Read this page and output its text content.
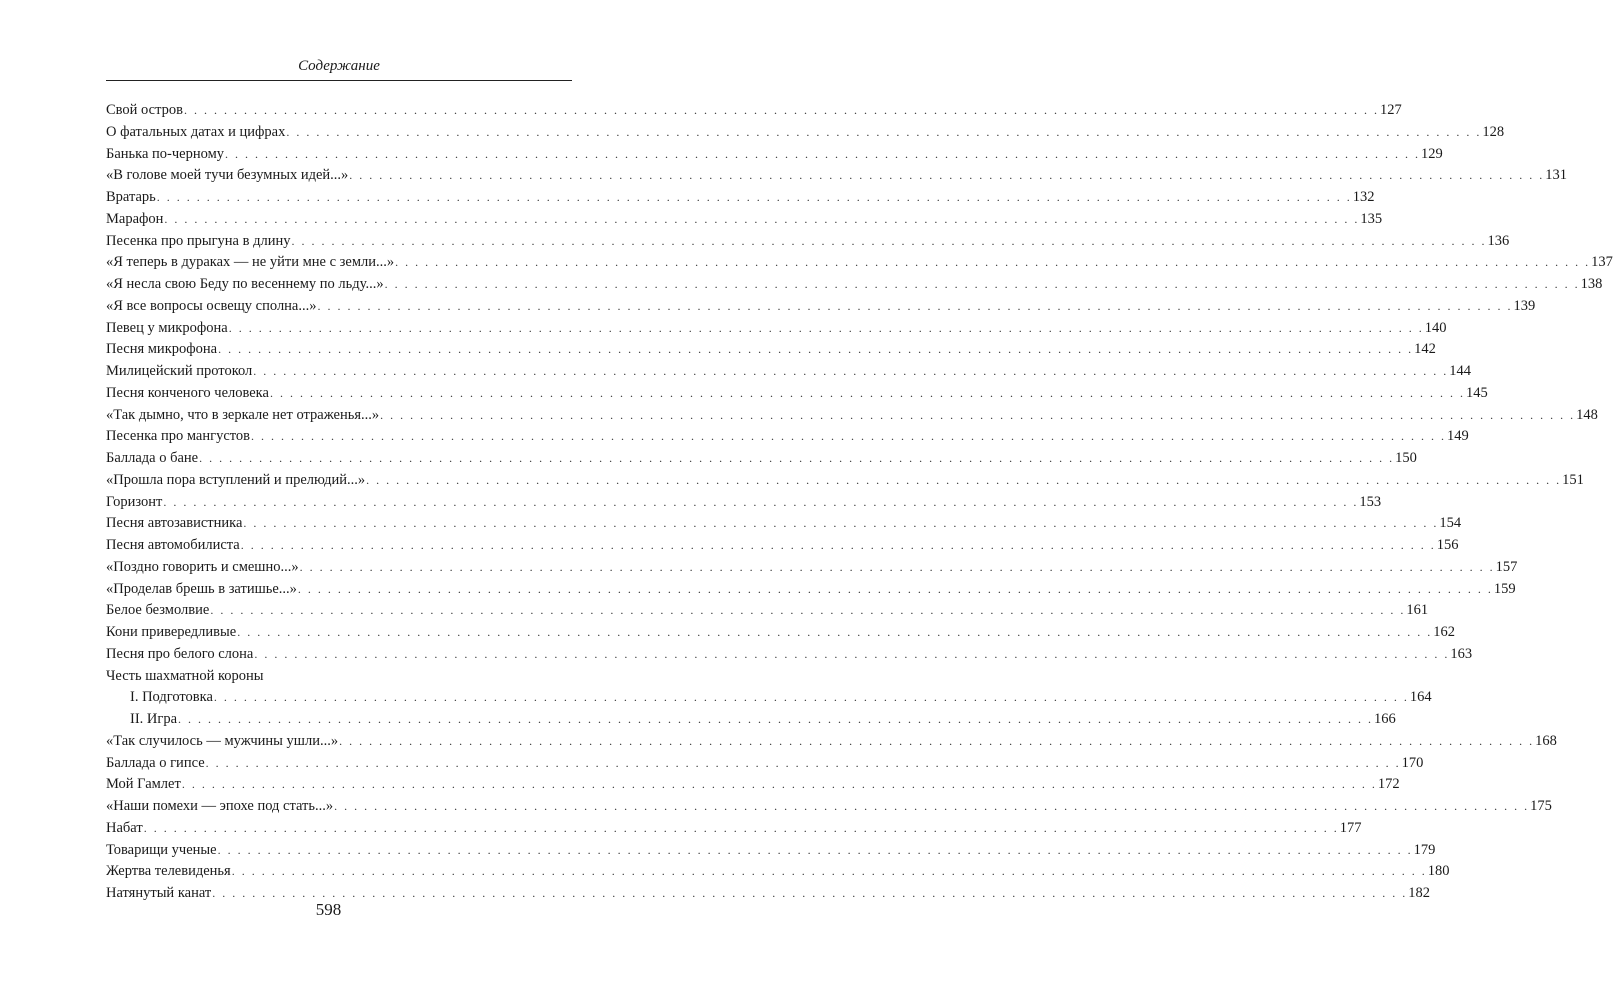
Содержание
Свой остров . . . . . . . . . . . . . . . . . . . . . . . . . . . . . . . . . . . . . . . . . . . . . . . . . . . . . . . . . . . . . . . . . . . . . . . . . . . . . . . . . . . . . . . . . . . . . . . . . . . . . . . . . . . . . . . . . . . . . . . . 127
О фатальных датах и цифрах . . . . . . . . . . . . . . . . . . . . . . . . . . . . . . . . . . . . . . . . . . . . . . . . . . . . . . . . . . . . . . . . . . . . . . . . . . . . . . . . . . . . . . . . . . . . . . . . . . . . . . . . . . . . . . . . . . . . . . . . 128
Банька по-черному . . . . . . . . . . . . . . . . . . . . . . . . . . . . . . . . . . . . . . . . . . . . . . . . . . . . . . . . . . . . . . . . . . . . . . . . . . . . . . . . . . . . . . . . . . . . . . . . . . . . . . . . . . . . . . . . . . . . . . . . 129
«В голове моей тучи безумных идей...» . . . . . . . . . . . . . . . . . . . . . . . . . . . . . . . . . . . . . . . . . . . . . . . . . . . . . . . . . . . . . . . . . . . . . . . . . . . . . . . . . . . . . . . . . . . . . . . . . . . . . . . . . . . . . . . . . . . . . . . . 131
Вратарь . . . . . . . . . . . . . . . . . . . . . . . . . . . . . . . . . . . . . . . . . . . . . . . . . . . . . . . . . . . . . . . . . . . . . . . . . . . . . . . . . . . . . . . . . . . . . . . . . . . . . . . . . . . . . . . . . . . . . . . . 132
Марафон . . . . . . . . . . . . . . . . . . . . . . . . . . . . . . . . . . . . . . . . . . . . . . . . . . . . . . . . . . . . . . . . . . . . . . . . . . . . . . . . . . . . . . . . . . . . . . . . . . . . . . . . . . . . . . . . . . . . . . . . 135
Песенка про прыгуна в длину . . . . . . . . . . . . . . . . . . . . . . . . . . . . . . . . . . . . . . . . . . . . . . . . . . . . . . . . . . . . . . . . . . . . . . . . . . . . . . . . . . . . . . . . . . . . . . . . . . . . . . . . . . . . . . . . . . . . . . . . 136
«Я теперь в дураках — не уйти мне с земли...» . . . . . . . . . . . . . . . . . . . . . . . . . . . . . . . . . . . . . . . . . . . . . . . . . . . . . . . . . . . . . . . . . . . . . . . . . . . . . . . . . . . . . . . . . . . . . . . . . . . . . . . . . . . . . . . . . . . . . . . . 137
«Я несла свою Беду по весеннему по льду...» . . . . . . . . . . . . . . . . . . . . . . . . . . . . . . . . . . . . . . . . . . . . . . . . . . . . . . . . . . . . . . . . . . . . . . . . . . . . . . . . . . . . . . . . . . . . . . . . . . . . . . . . . . . . . . . . . . . . . . . . 138
«Я все вопросы освещу сполна...» . . . . . . . . . . . . . . . . . . . . . . . . . . . . . . . . . . . . . . . . . . . . . . . . . . . . . . . . . . . . . . . . . . . . . . . . . . . . . . . . . . . . . . . . . . . . . . . . . . . . . . . . . . . . . . . . . . . . . . . . 139
Певец у микрофона . . . . . . . . . . . . . . . . . . . . . . . . . . . . . . . . . . . . . . . . . . . . . . . . . . . . . . . . . . . . . . . . . . . . . . . . . . . . . . . . . . . . . . . . . . . . . . . . . . . . . . . . . . . . . . . . . . . . . . . . 140
Песня микрофона . . . . . . . . . . . . . . . . . . . . . . . . . . . . . . . . . . . . . . . . . . . . . . . . . . . . . . . . . . . . . . . . . . . . . . . . . . . . . . . . . . . . . . . . . . . . . . . . . . . . . . . . . . . . . . . . . . . . . . . . 142
Милицейский протокол . . . . . . . . . . . . . . . . . . . . . . . . . . . . . . . . . . . . . . . . . . . . . . . . . . . . . . . . . . . . . . . . . . . . . . . . . . . . . . . . . . . . . . . . . . . . . . . . . . . . . . . . . . . . . . . . . . . . . . . . 144
Песня конченого человека . . . . . . . . . . . . . . . . . . . . . . . . . . . . . . . . . . . . . . . . . . . . . . . . . . . . . . . . . . . . . . . . . . . . . . . . . . . . . . . . . . . . . . . . . . . . . . . . . . . . . . . . . . . . . . . . . . . . . . . . 145
«Так дымно, что в зеркале нет отраженья...» . . . . . . . . . . . . . . . . . . . . . . . . . . . . . . . . . . . . . . . . . . . . . . . . . . . . . . . . . . . . . . . . . . . . . . . . . . . . . . . . . . . . . . . . . . . . . . . . . . . . . . . . . . . . . . . . . . . . . . . . 148
Песенка про мангустов . . . . . . . . . . . . . . . . . . . . . . . . . . . . . . . . . . . . . . . . . . . . . . . . . . . . . . . . . . . . . . . . . . . . . . . . . . . . . . . . . . . . . . . . . . . . . . . . . . . . . . . . . . . . . . . . . . . . . . . . 149
Баллада о бане . . . . . . . . . . . . . . . . . . . . . . . . . . . . . . . . . . . . . . . . . . . . . . . . . . . . . . . . . . . . . . . . . . . . . . . . . . . . . . . . . . . . . . . . . . . . . . . . . . . . . . . . . . . . . . . . . . . . . . . . 150
«Прошла пора вступлений и прелюдий...» . . . . . . . . . . . . . . . . . . . . . . . . . . . . . . . . . . . . . . . . . . . . . . . . . . . . . . . . . . . . . . . . . . . . . . . . . . . . . . . . . . . . . . . . . . . . . . . . . . . . . . . . . . . . . . . . . . . . . . . . 151
Горизонт . . . . . . . . . . . . . . . . . . . . . . . . . . . . . . . . . . . . . . . . . . . . . . . . . . . . . . . . . . . . . . . . . . . . . . . . . . . . . . . . . . . . . . . . . . . . . . . . . . . . . . . . . . . . . . . . . . . . . . . . 153
Песня автозавистника . . . . . . . . . . . . . . . . . . . . . . . . . . . . . . . . . . . . . . . . . . . . . . . . . . . . . . . . . . . . . . . . . . . . . . . . . . . . . . . . . . . . . . . . . . . . . . . . . . . . . . . . . . . . . . . . . . . . . . . . 154
Песня автомобилиста . . . . . . . . . . . . . . . . . . . . . . . . . . . . . . . . . . . . . . . . . . . . . . . . . . . . . . . . . . . . . . . . . . . . . . . . . . . . . . . . . . . . . . . . . . . . . . . . . . . . . . . . . . . . . . . . . . . . . . . . 156
«Поздно говорить и смешно...» . . . . . . . . . . . . . . . . . . . . . . . . . . . . . . . . . . . . . . . . . . . . . . . . . . . . . . . . . . . . . . . . . . . . . . . . . . . . . . . . . . . . . . . . . . . . . . . . . . . . . . . . . . . . . . . . . . . . . . . . 157
«Проделав брешь в затишье...» . . . . . . . . . . . . . . . . . . . . . . . . . . . . . . . . . . . . . . . . . . . . . . . . . . . . . . . . . . . . . . . . . . . . . . . . . . . . . . . . . . . . . . . . . . . . . . . . . . . . . . . . . . . . . . . . . . . . . . . . 159
Белое безмолвие . . . . . . . . . . . . . . . . . . . . . . . . . . . . . . . . . . . . . . . . . . . . . . . . . . . . . . . . . . . . . . . . . . . . . . . . . . . . . . . . . . . . . . . . . . . . . . . . . . . . . . . . . . . . . . . . . . . . . . . . 161
Кони привередливые . . . . . . . . . . . . . . . . . . . . . . . . . . . . . . . . . . . . . . . . . . . . . . . . . . . . . . . . . . . . . . . . . . . . . . . . . . . . . . . . . . . . . . . . . . . . . . . . . . . . . . . . . . . . . . . . . . . . . . . . 162
Песня про белого слона . . . . . . . . . . . . . . . . . . . . . . . . . . . . . . . . . . . . . . . . . . . . . . . . . . . . . . . . . . . . . . . . . . . . . . . . . . . . . . . . . . . . . . . . . . . . . . . . . . . . . . . . . . . . . . . . . . . . . . . . 163
Честь шахматной короны
I. Подготовка . . . . . . . . . . . . . . . . . . . . . . . . . . . . . . . . . . . . . . . . . . . . . . . . . . . . . . . . . . . . . . . . . . . . . . . . . . . . . . . . . . . . . . . . . . . . . . . . . . . . . . . . . . . . . . . . . . . . . . . . 164
II. Игра . . . . . . . . . . . . . . . . . . . . . . . . . . . . . . . . . . . . . . . . . . . . . . . . . . . . . . . . . . . . . . . . . . . . . . . . . . . . . . . . . . . . . . . . . . . . . . . . . . . . . . . . . . . . . . . . . . . . . . . . 166
«Так случилось — мужчины ушли...» . . . . . . . . . . . . . . . . . . . . . . . . . . . . . . . . . . . . . . . . . . . . . . . . . . . . . . . . . . . . . . . . . . . . . . . . . . . . . . . . . . . . . . . . . . . . . . . . . . . . . . . . . . . . . . . . . . . . . . . . 168
Баллада о гипсе . . . . . . . . . . . . . . . . . . . . . . . . . . . . . . . . . . . . . . . . . . . . . . . . . . . . . . . . . . . . . . . . . . . . . . . . . . . . . . . . . . . . . . . . . . . . . . . . . . . . . . . . . . . . . . . . . . . . . . . . 170
Мой Гамлет . . . . . . . . . . . . . . . . . . . . . . . . . . . . . . . . . . . . . . . . . . . . . . . . . . . . . . . . . . . . . . . . . . . . . . . . . . . . . . . . . . . . . . . . . . . . . . . . . . . . . . . . . . . . . . . . . . . . . . . . 172
«Наши помехи — эпохе под стать...» . . . . . . . . . . . . . . . . . . . . . . . . . . . . . . . . . . . . . . . . . . . . . . . . . . . . . . . . . . . . . . . . . . . . . . . . . . . . . . . . . . . . . . . . . . . . . . . . . . . . . . . . . . . . . . . . . . . . . . . . 175
Набат . . . . . . . . . . . . . . . . . . . . . . . . . . . . . . . . . . . . . . . . . . . . . . . . . . . . . . . . . . . . . . . . . . . . . . . . . . . . . . . . . . . . . . . . . . . . . . . . . . . . . . . . . . . . . . . . . . . . . . . . 177
Товарищи ученые . . . . . . . . . . . . . . . . . . . . . . . . . . . . . . . . . . . . . . . . . . . . . . . . . . . . . . . . . . . . . . . . . . . . . . . . . . . . . . . . . . . . . . . . . . . . . . . . . . . . . . . . . . . . . . . . . . . . . . . . 179
Жертва телевиденья . . . . . . . . . . . . . . . . . . . . . . . . . . . . . . . . . . . . . . . . . . . . . . . . . . . . . . . . . . . . . . . . . . . . . . . . . . . . . . . . . . . . . . . . . . . . . . . . . . . . . . . . . . . . . . . . . . . . . . . . 180
Натянутый канат . . . . . . . . . . . . . . . . . . . . . . . . . . . . . . . . . . . . . . . . . . . . . . . . . . . . . . . . . . . . . . . . . . . . . . . . . . . . . . . . . . . . . . . . . . . . . . . . . . . . . . . . . . . . . . . . . . . . . . . . 182
598
